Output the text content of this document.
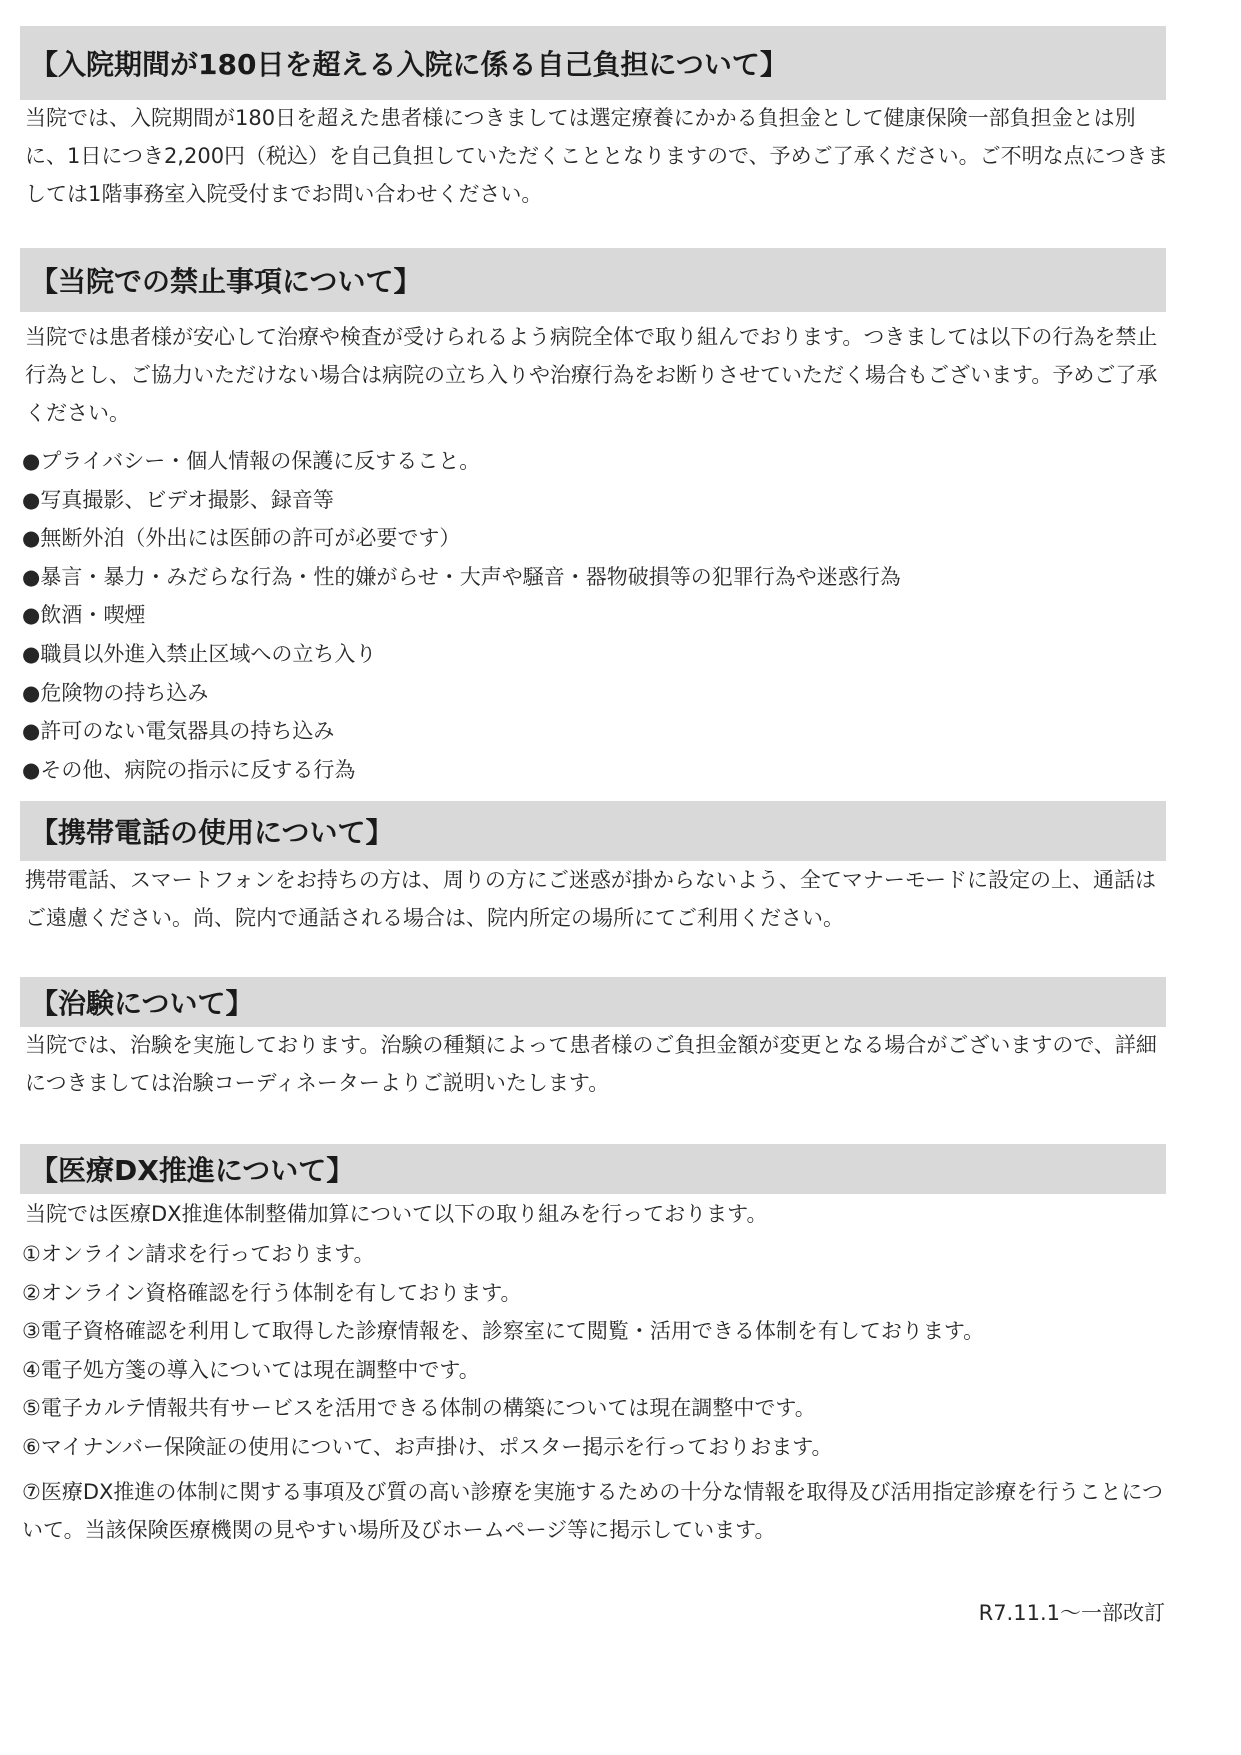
【入院期間が180日を超える入院に係る自己負担について】

当院では、入院期間が180日を超えた患者様につきましては選定療養にかかる負担金として健康保険一部負担金とは別に、1日につき2,200円（税込）を自己負担していただくこととなりますので、予めご了承ください。ご不明な点につきましては1階事務室入院受付までお問い合わせください。

【当院での禁止事項について】

当院では患者様が安心して治療や検査が受けられるよう病院全体で取り組んでおります。つきましては以下の行為を禁止行為とし、ご協力いただけない場合は病院の立ち入りや治療行為をお断りさせていただく場合もございます。予めご了承ください。

●プライバシー・個人情報の保護に反すること。
●写真撮影、ビデオ撮影、録音等
●無断外泊（外出には医師の許可が必要です）
●暴言・暴力・みだらな行為・性的嫌がらせ・大声や騒音・器物破損等の犯罪行為や迷惑行為
●飲酒・喫煙
●職員以外進入禁止区域への立ち入り
●危険物の持ち込み
●許可のない電気器具の持ち込み
●その他、病院の指示に反する行為
【携帯電話の使用について】

携帯電話、スマートフォンをお持ちの方は、周りの方にご迷惑が掛からないよう、全てマナーモードに設定の上、通話はご遠慮ください。尚、院内で通話される場合は、院内所定の場所にてご利用ください。

【治験について】

当院では、治験を実施しております。治験の種類によって患者様のご負担金額が変更となる場合がございますので、詳細につきましては治験コーディネーターよりご説明いたします。

【医療DX推進について】

当院では医療DX推進体制整備加算について以下の取り組みを行っております。

①オンライン請求を行っております。
②オンライン資格確認を行う体制を有しております。
③電子資格確認を利用して取得した診療情報を、診察室にて閲覧・活用できる体制を有しております。
④電子処方箋の導入については現在調整中です。
⑤電子カルテ情報共有サービスを活用できる体制の構築については現在調整中です。
⑥マイナンバー保険証の使用について、お声掛け、ポスター掲示を行っておりおます。

⑦医療DX推進の体制に関する事項及び質の高い診療を実施するための十分な情報を取得及び活用指定診療を行うことについて。当該保険医療機関の見やすい場所及びホームページ等に掲示しています。

R7.11.1〜一部改訂
